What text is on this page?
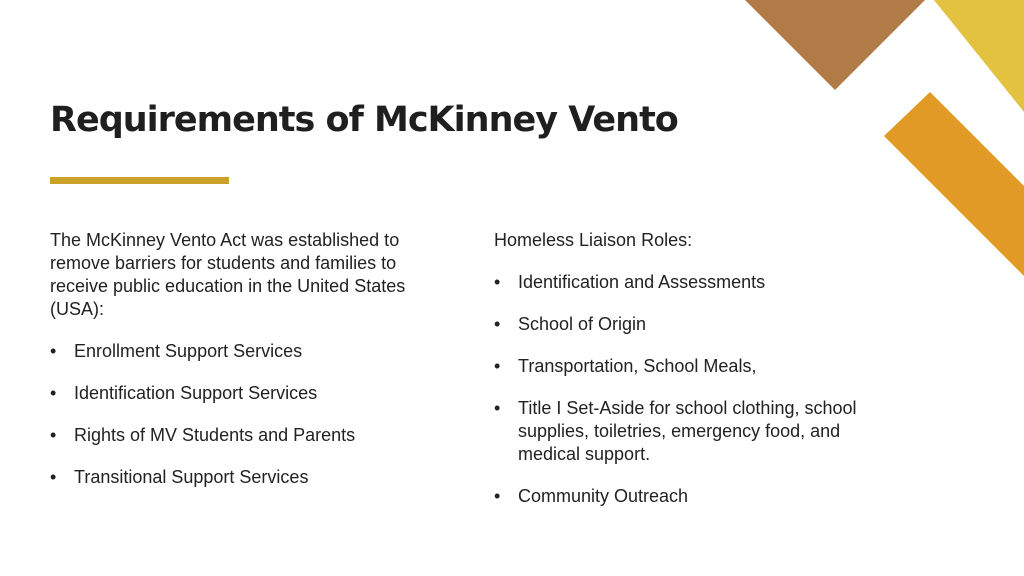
Requirements of McKinney Vento

The McKinney Vento Act was established to remove barriers for students and families to receive public education in the United States (USA):

• Enrollment Support Services
• Identification Support Services
• Rights of MV Students and Parents
• Transitional Support Services

Homeless Liaison Roles:

• Identification and Assessments
• School of Origin
• Transportation, School Meals,
• Title I Set-Aside for school clothing, school supplies, toiletries, emergency food, and medical support.
• Community Outreach
